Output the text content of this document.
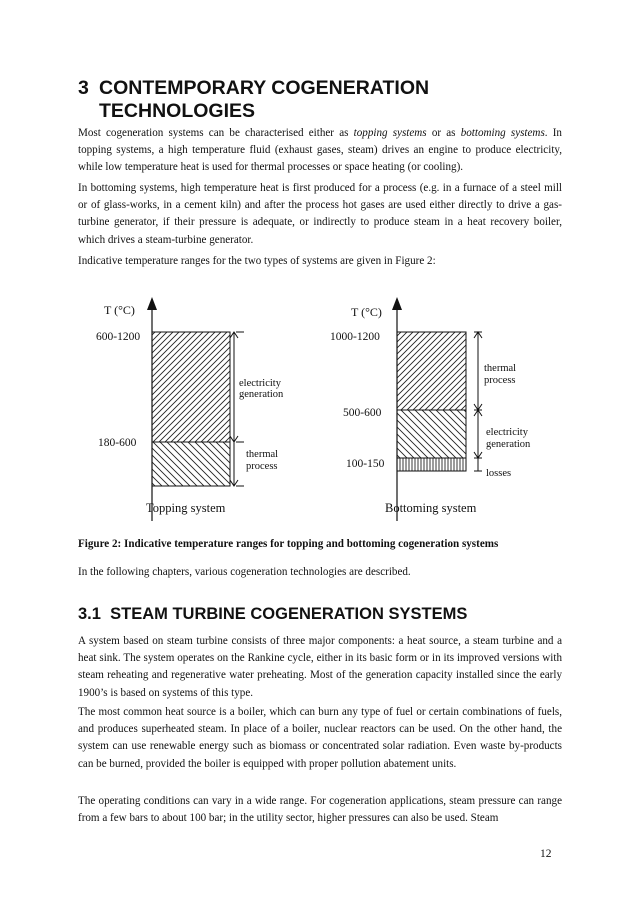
3 CONTEMPORARY COGENERATION
TECHNOLOGIES

Most cogeneration systems can be characterised either as topping systems or as bottoming systems. In topping systems, a high temperature fluid (exhaust gases, steam) drives an engine to produce electricity, while low temperature heat is used for thermal processes or space heating (or cooling).

In bottoming systems, high temperature heat is first produced for a process (e.g. in a furnace of a steel mill or of glass-works, in a cement kiln) and after the process hot gases are used either directly to drive a gas-turbine generator, if their pressure is adequate, or indirectly to produce steam in a heat recovery boiler, which drives a steam-turbine generator.

Indicative temperature ranges for the two types of systems are given in Figure 2:

T (°C)
600-1200
180-600
electricity
generation
thermal
process
Topping system
T (°C)
1000-1200
500-600
100-150
thermal
process
electricity
generation
losses
Bottoming system
Figure 2: Indicative temperature ranges for topping and bottoming cogeneration systems

In the following chapters, various cogeneration technologies are described.

3.1 STEAM TURBINE COGENERATION SYSTEMS

A system based on steam turbine consists of three major components: a heat source, a steam turbine and a heat sink. The system operates on the Rankine cycle, either in its basic form or in its improved versions with steam reheating and regenerative water preheating. Most of the generation capacity installed since the early 1900’s is based on systems of this type.

The most common heat source is a boiler, which can burn any type of fuel or certain combinations of fuels, and produces superheated steam. In place of a boiler, nuclear reactors can be used. On the other hand, the system can use renewable energy such as biomass or concentrated solar radiation. Even waste by-products can be burned, provided the boiler is equipped with proper pollution abatement units.

The operating conditions can vary in a wide range. For cogeneration applications, steam pressure can range from a few bars to about 100 bar; in the utility sector, higher pressures can also be used. Steam

12
